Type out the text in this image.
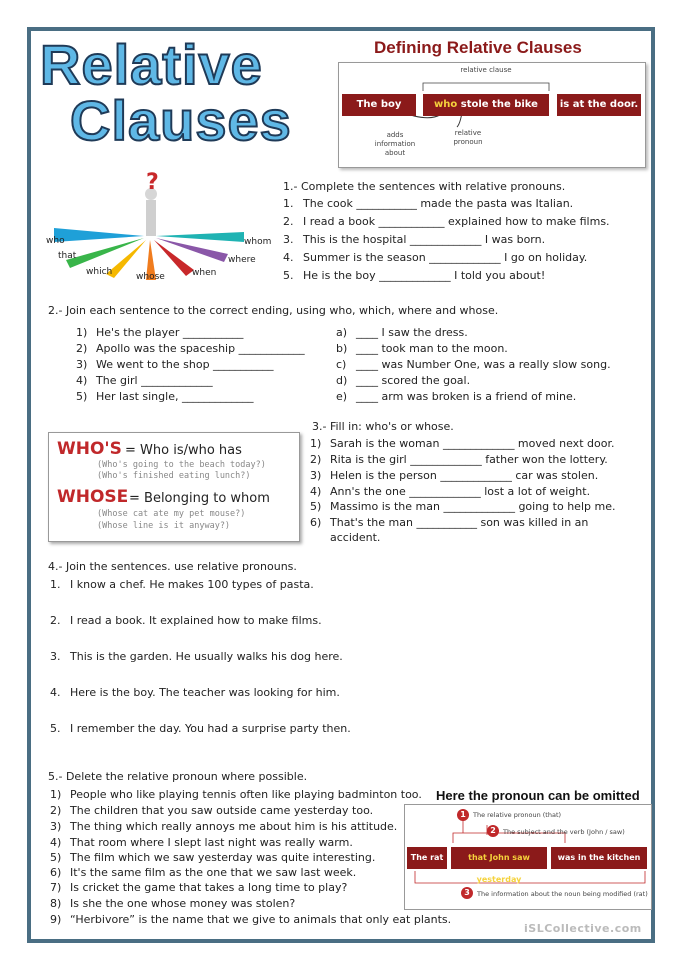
Relative
Clauses
Defining Relative Clauses
relative clause
The boy	who stole the bike	is at the door.
adds information about
relative pronoun
?
who
that
which	whose	when
where
whom
1.- Complete the sentences with relative pronouns.
1. The cook ___________ made the pasta was Italian.
2. I read a book ____________ explained how to make films.
3. This is the hospital _____________ I was born.
4. Summer is the season _____________ I go on holiday.
5. He is the boy _____________ I told you about!
2.- Join each sentence to the correct ending, using who, which, where and whose.
1) He's the player ___________
2) Apollo was the spaceship ____________
3) We went to the shop ___________
4) The girl _____________
5) Her last single, _____________
a) ____ I saw the dress.
b) ____ took man to the moon.
c) ____ was Number One, was a really slow song.
d) ____ scored the goal.
e) ____ arm was broken is a friend of mine.
WHO'S = Who is/who has
(Who's going to the beach today?)
(Who's finished eating lunch?)
WHOSE = Belonging to whom
(Whose cat ate my pet mouse?)
(Whose line is it anyway?)
3.- Fill in: who's or whose.
1) Sarah is the woman _____________ moved next door.
2) Rita is the girl _____________ father won the lottery.
3) Helen is the person _____________ car was stolen.
4) Ann's the one _____________ lost a lot of weight.
5) Massimo is the man _____________ going to help me.
6) That's the man ___________ son was killed in an
accident.
4.- Join the sentences. use relative pronouns.
1. I know a chef. He makes 100 types of pasta.
2. I read a book. It explained how to make films.
3. This is the garden. He usually walks his dog here.
4. Here is the boy. The teacher was looking for him.
5. I remember the day. You had a surprise party then.
5.- Delete the relative pronoun where possible.
1) People who like playing tennis often like playing badminton too.
2) The children that you saw outside came yesterday too.
3) The thing which really annoys me about him is his attitude.
4) That room where I slept last night was really warm.
5) The film which we saw yesterday was quite interesting.
6) It's the same film as the one that we saw last week.
7) Is cricket the game that takes a long time to play?
8) Is she the one whose money was stolen?
9) “Herbivore” is the name that we give to animals that only eat plants.
Here the pronoun can be omitted
1	The relative pronoun (that)
2	The subject and the verb (John / saw)
The rat	that John saw yesterday
was in the kitchen earlier.
3	The information about the noun being modified (rat)
iSLCollective.com
